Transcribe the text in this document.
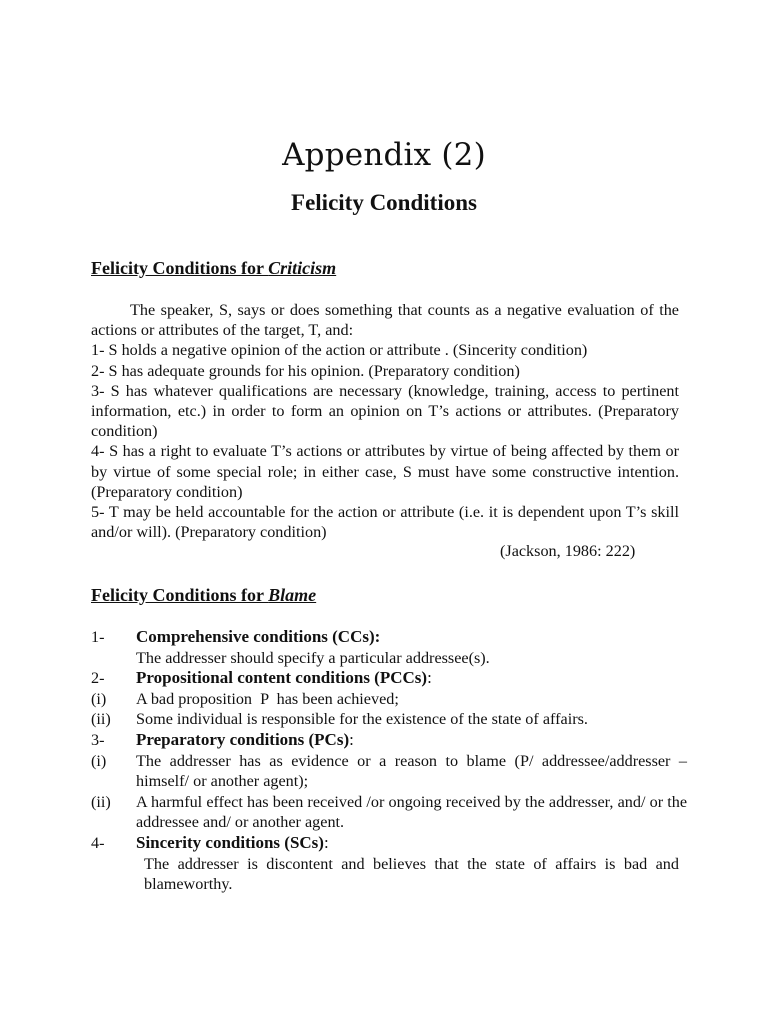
Appendix (2)
Felicity Conditions
Felicity Conditions for Criticism

The speaker, S, says or does something that counts as a negative evaluation of the actions or attributes of the target, T, and:

1- S holds a negative opinion of the action or attribute . (Sincerity condition)

2- S has adequate grounds for his opinion. (Preparatory condition)

3- S has whatever qualifications are necessary (knowledge, training, access to pertinent information, etc.) in order to form an opinion on T’s actions or attributes. (Preparatory condition)

4- S has a right to evaluate T’s actions or attributes by virtue of being affected by them or by virtue of some special role; in either case, S must have some constructive intention. (Preparatory condition)

5- T may be held accountable for the action or attribute (i.e. it is dependent upon T’s skill and/or will). (Preparatory condition)

(Jackson, 1986: 222)
Felicity Conditions for Blame
1- Comprehensive conditions (CCs):
The addresser should specify a particular addressee(s).
2- Propositional content conditions (PCCs):
(i) A bad proposition  P  has been achieved;
(ii) Some individual is responsible for the existence of the state of affairs.
3- Preparatory conditions (PCs):
(i) The addresser has as evidence or a reason to blame (P/ addressee/addresser –himself/ or another agent);
(ii) A harmful effect has been received /or ongoing received by the addresser, and/ or the addressee and/ or another agent.
4- Sincerity conditions (SCs):
The addresser is discontent and believes that the state of affairs is bad and blameworthy.
